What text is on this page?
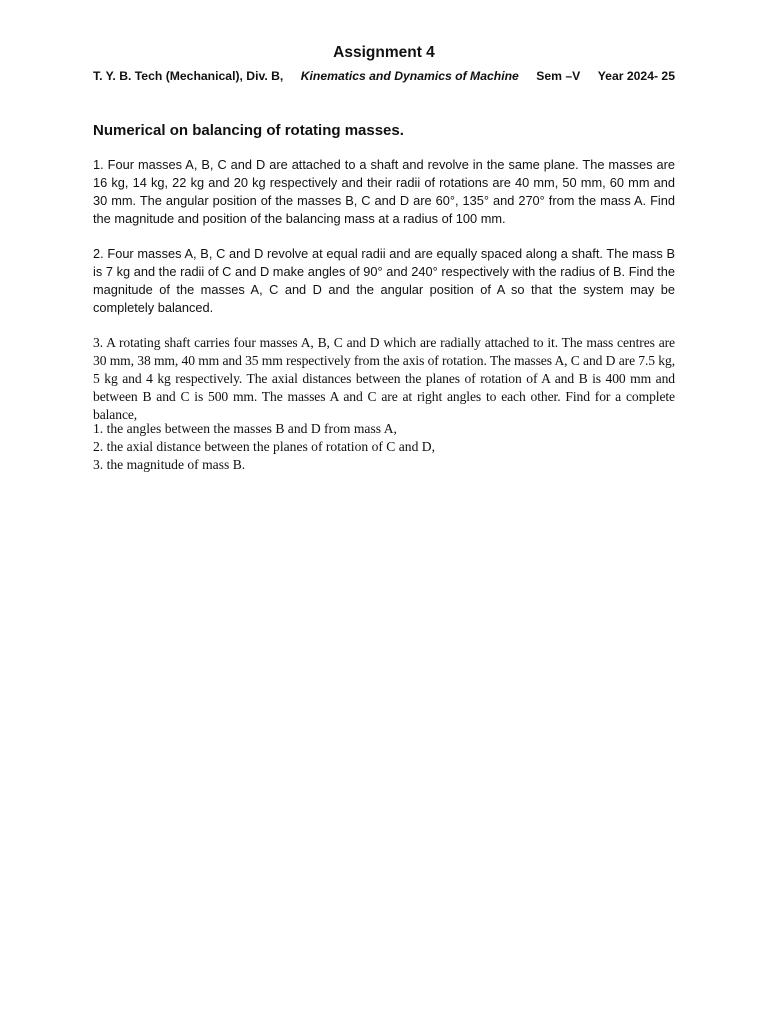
Assignment 4
T. Y. B. Tech (Mechanical), Div. B, Kinematics and Dynamics of Machine Sem –V Year 2024- 25
Numerical on balancing of rotating masses.

1. Four masses A, B, C and D are attached to a shaft and revolve in the same plane. The masses are 16 kg, 14 kg, 22 kg and 20 kg respectively and their radii of rotations are 40 mm, 50 mm, 60 mm and 30 mm. The angular position of the masses B, C and D are 60°, 135° and 270° from the mass A. Find the magnitude and position of the balancing mass at a radius of 100 mm.

2. Four masses A, B, C and D revolve at equal radii and are equally spaced along a shaft. The mass B is 7 kg and the radii of C and D make angles of 90° and 240° respectively with the radius of B. Find the magnitude of the masses A, C and D and the angular position of A so that the system may be completely balanced.

3. A rotating shaft carries four masses A, B, C and D which are radially attached to it. The mass centres are 30 mm, 38 mm, 40 mm and 35 mm respectively from the axis of rotation. The masses A, C and D are 7.5 kg, 5 kg and 4 kg respectively. The axial distances between the planes of rotation of A and B is 400 mm and between B and C is 500 mm. The masses A and C are at right angles to each other. Find for a complete balance,

1. the angles between the masses B and D from mass A,
2. the axial distance between the planes of rotation of C and D,
3. the magnitude of mass B.
